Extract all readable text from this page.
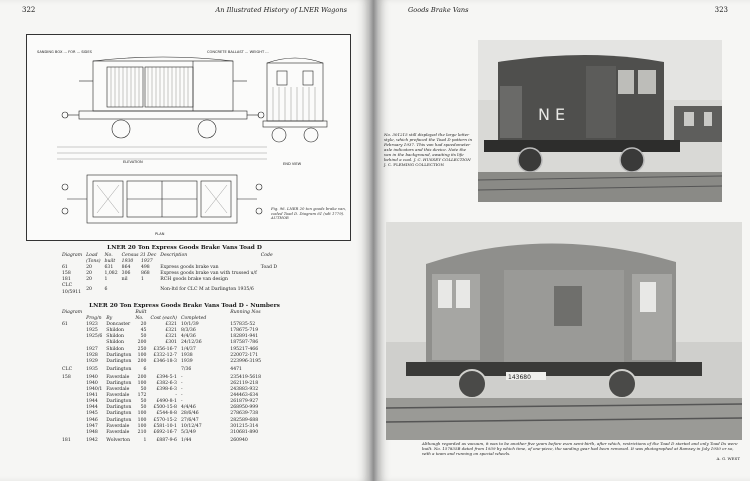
322	An Illustrated History of LNER Wagons
ELEVATION
SANDING BOX ... FOR ... SIDES	CONCRETE BALLAST ... WEIGHT ...
END VIEW
PLAN
Fig. 96. LNER 20 ton goods brake van, coded Toad D. Diagram 61 (sdt 1779). AUTHOR
LNER 20 Ton Express Goods Brake Vans Toad D
Diagram	Load	No.	Census 31 Dec		Description	Code
	(Tons)	built	1930	1937		
61	20	631	864	498	Express goods brake van	Toad D
158	20	1,082	306	868	Express goods brake van with trussed u/f	
181	20	1	nil	1	RCH goods brake van design	
CLC 10/5911	20	6			Non-ltd for CLC M at Darlington 1935/6	
LNER 20 Ton Express Goods Brake Vans Toad D - Numbers
Diagram			Built			Running Nos
	Prog/n	By	No.	Cost (each)	Completed	
61	1923	Doncaster	20	£321	10/1/39	157835-52
	1925	Shildon	45	£321	8/3/36	178675-719
	1925/6	Shildon	50	£321	4/4/36	182891-941
		Shildon	200	£301	24/12/36	187587-786
	1927	Shildon	250	£356-16-7	1/4/37	195217-466
	1928	Darlington	100	£332-12-7	1938	220072-171
	1929	Darlington	200	£346-18-3	1939	223996-3195
CLC	1935	Darlington	6		7/36	4471
158	1940	Faverdale	200	£394-5-1	-	235419-5618
	1940	Darlington	100	£382-6-3	-	262119-218
	1940/1	Faverdale	50	£398-6-3	-	243883-932
	1941	Faverdale	172	-	-	244463-634
	1944	Darlington	50	£490-8-1	-	261879-927
	1944	Darlington	50	£500-15-8	4/4/46	268950-999
	1945	Darlington	100	£544-8-8	28/6/46	278639-738
	1946	Darlington	100	£570-15-2	27/6/47	282589-688
	1947	Faverdale	100	£581-10-1	10/12/47	301215-314
	1948	Faverdale	210	£692-16-7	5/3/49	310681-890
181	1942	Wolverton	1	£887-9-6	1/44	260940
Goods Brake Vans	323
N E
No. 301215 still displayed the large letter style, which prefaced the Toad D pattern in February 1937. This van had speedometer axle indicators and this device. Note the van in the background, awaiting its life behind a coal. J. C. HUSSEY COLLECTION
J. C. FLEMING COLLECTION
143680
Although regarded as vacuum, it was to be another five years before even semi-birth, after which, restrictions of the Toad D started and only Toad Ds were built. No. 157835B dated from 1939 by which time, of one-piece, the sanding gear had been removed. It was photographed at Ramsey in July 1950 or so, with a team and running on special wheels.
A. G. WEST
